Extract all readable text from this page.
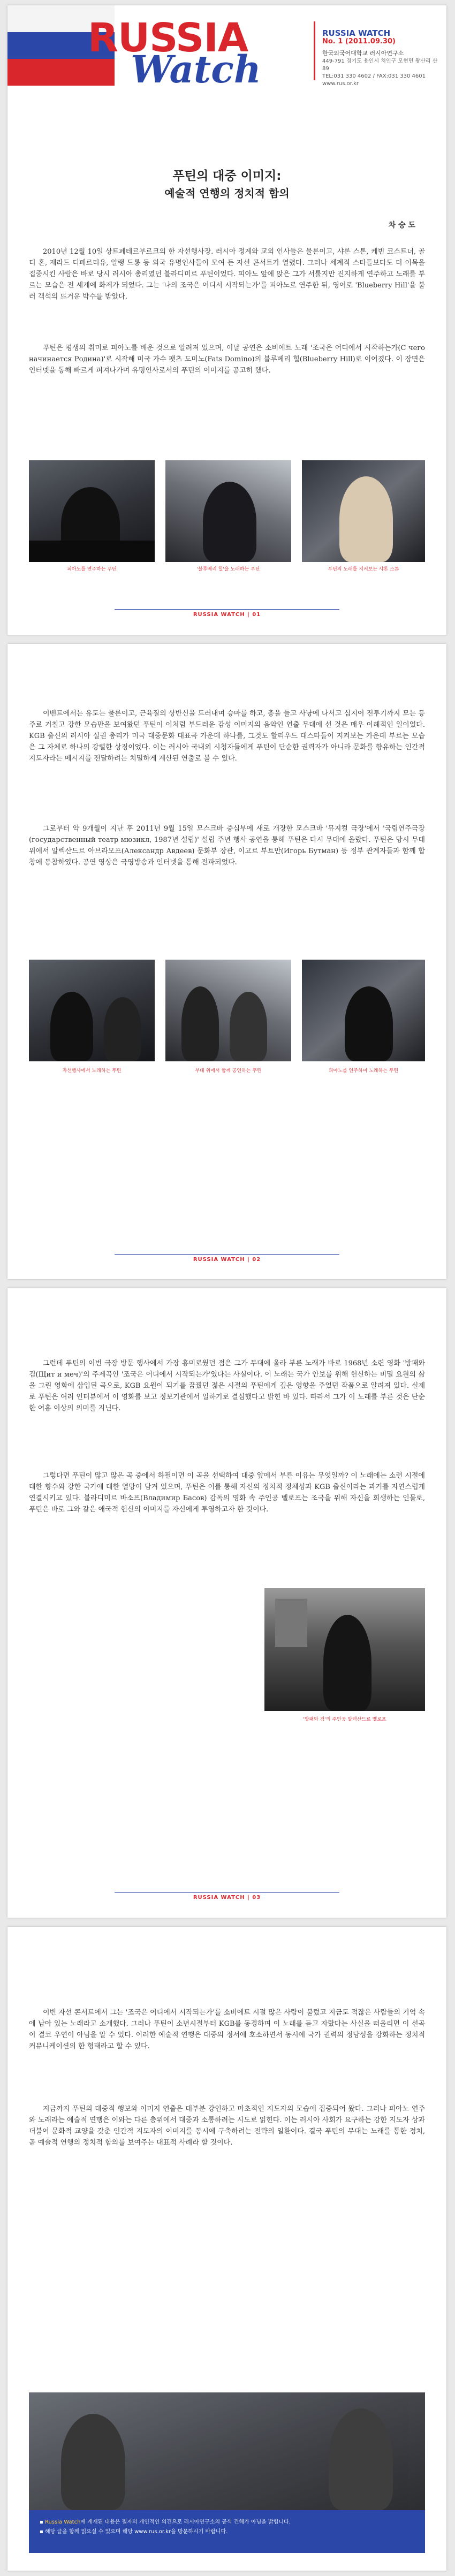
RUSSIA
Watch
RUSSIA WATCH
No. 1 (2011.09.30)
한국외국어대학교 러시아연구소
449-791 경기도 용인시 처인구 모현면 왕산리 산89
TEL:031 330 4602 / FAX:031 330 4601
www.rus.or.kr
푸틴의 대중 이미지:
예술적 연행의 정치적 함의
차 승 도

2010년 12월 10일 상트페테르부르크의 한 자선행사장. 러시아 정계와 교외 인사들은 물론이고, 샤론 스톤, 케빈 코스트너, 골디 혼, 제라드 디페르티유, 알랭 드롱 등 외국 유명인사들이 모여 든 자선 콘서트가 열렸다. 그러나 세계적 스타들보다도 더 이목을 집중시킨 사람은 바로 당시 러시아 총리였던 블라디미르 푸틴이었다. 피아노 앞에 앉은 그가 서툴지만 진지하게 연주하고 노래를 부르는 모습은 전 세계에 화제가 되었다. 그는 '나의 조국은 어디서 시작되는가'를 피아노로 연주한 뒤, 영어로 'Blueberry Hill'을 불러 객석의 뜨거운 박수를 받았다.

푸틴은 평생의 취미로 피아노를 배운 것으로 알려져 있으며, 이날 공연은 소비에트 노래 '조국은 어디에서 시작하는가(С чего начинается Родина)'로 시작해 미국 가수 팻츠 도미노(Fats Domino)의 블루베리 힐(Blueberry Hill)로 이어졌다. 이 장면은 인터넷을 통해 빠르게 퍼져나가며 유명인사로서의 푸틴의 이미지를 공고히 했다.

피아노를 연주하는 푸틴	'블루베리 힐'을 노래하는 푸틴	푸틴의 노래를 지켜보는 샤론 스톤
RUSSIA WATCH | 01

이벤트에서는 유도는 물론이고, 근육질의 상반신을 드러내며 승마를 하고, 총을 들고 사냥에 나서고 심지어 전투기까지 모는 등 주로 거칠고 강한 모습만을 보여왔던 푸틴이 이처럼 부드러운 감성 이미지의 음악인 연출 무대에 선 것은 매우 이례적인 일이었다. KGB 출신의 러시아 실권 총리가 미국 대중문화 대표곡 가운데 하나를, 그것도 할리우드 대스타들이 지켜보는 가운데 부르는 모습은 그 자체로 하나의 강렬한 상징이었다. 이는 러시아 국내외 시청자들에게 푸틴이 단순한 권력자가 아니라 문화를 향유하는 인간적 지도자라는 메시지를 전달하려는 치밀하게 계산된 연출로 볼 수 있다.

그로부터 약 9개월이 지난 후 2011년 9월 15일 모스크바 중심부에 새로 개장한 모스크바 '뮤지컬 극장'에서 '국립연주극장(государственный театр мюзикл, 1987년 설립)' 설립 주년 행사 공연을 통해 푸틴은 다시 무대에 올랐다. 푸틴은 당시 무대 위에서 알렉산드르 아브라모프(Александр Авдеев) 문화부 장관, 이고르 부트만(Игорь Бутман) 등 정부 관계자들과 함께 합창에 동참하였다. 공연 영상은 국영방송과 인터넷을 통해 전파되었다.

자선행사에서 노래하는 푸틴	무대 위에서 함께 공연하는 푸틴	피아노를 연주하며 노래하는 푸틴
RUSSIA WATCH | 02

그런데 푸틴의 이번 극장 방문 행사에서 가장 흥미로웠던 점은 그가 무대에 올라 부른 노래가 바로 1968년 소련 영화 '방패와 검(Щит и меч)'의 주제곡인 '조국은 어디에서 시작되는가'였다는 사실이다. 이 노래는 국가 안보를 위해 헌신하는 비밀 요원의 삶을 그린 영화에 삽입된 곡으로, KGB 요원이 되기를 꿈꿨던 젊은 시절의 푸틴에게 깊은 영향을 주었던 작품으로 알려져 있다. 실제로 푸틴은 여러 인터뷰에서 이 영화를 보고 정보기관에서 일하기로 결심했다고 밝힌 바 있다. 따라서 그가 이 노래를 부른 것은 단순한 여흥 이상의 의미를 지닌다.

그렇다면 푸틴이 많고 많은 곡 중에서 하필이면 이 곡을 선택하여 대중 앞에서 부른 이유는 무엇일까? 이 노래에는 소련 시절에 대한 향수와 강한 국가에 대한 열망이 담겨 있으며, 푸틴은 이를 통해 자신의 정치적 정체성과 KGB 출신이라는 과거를 자연스럽게 연결시키고 있다. 블라디미르 바소프(Владимир Басов) 감독의 영화 속 주인공 벨로프는 조국을 위해 자신을 희생하는 인물로, 푸틴은 바로 그와 같은 애국적 헌신의 이미지를 자신에게 투영하고자 한 것이다.

'방패와 검'의 주인공 알렉산드르 벨로프
RUSSIA WATCH | 03

이번 자선 콘서트에서 그는 '조국은 어디에서 시작되는가'를 소비에트 시절 많은 사람이 불렀고 지금도 적잖은 사람들의 기억 속에 남아 있는 노래라고 소개했다. 그러나 푸틴이 소년시절부터 KGB를 동경하며 이 노래를 듣고 자랐다는 사실을 떠올리면 이 선곡이 결코 우연이 아님을 알 수 있다. 이러한 예술적 연행은 대중의 정서에 호소하면서 동시에 국가 권력의 정당성을 강화하는 정치적 커뮤니케이션의 한 형태라고 할 수 있다.

지금까지 푸틴의 대중적 행보와 이미지 연출은 대부분 강인하고 마초적인 지도자의 모습에 집중되어 왔다. 그러나 피아노 연주와 노래라는 예술적 연행은 이와는 다른 층위에서 대중과 소통하려는 시도로 읽힌다. 이는 러시아 사회가 요구하는 강한 지도자 상과 더불어 문화적 교양을 갖춘 인간적 지도자의 이미지를 동시에 구축하려는 전략의 일환이다. 결국 푸틴의 무대는 노래를 통한 정치, 곧 예술적 연행의 정치적 함의를 보여주는 대표적 사례라 할 것이다.

▪ Russia Watch에 게재된 내용은 필자의 개인적인 의견으로 러시아연구소의 공식 견해가 아님을 밝힙니다.
▪ 해당 글을 함께 읽으실 수 있으며 해당 www.rus.or.kr을 방문하시기 바랍니다.
